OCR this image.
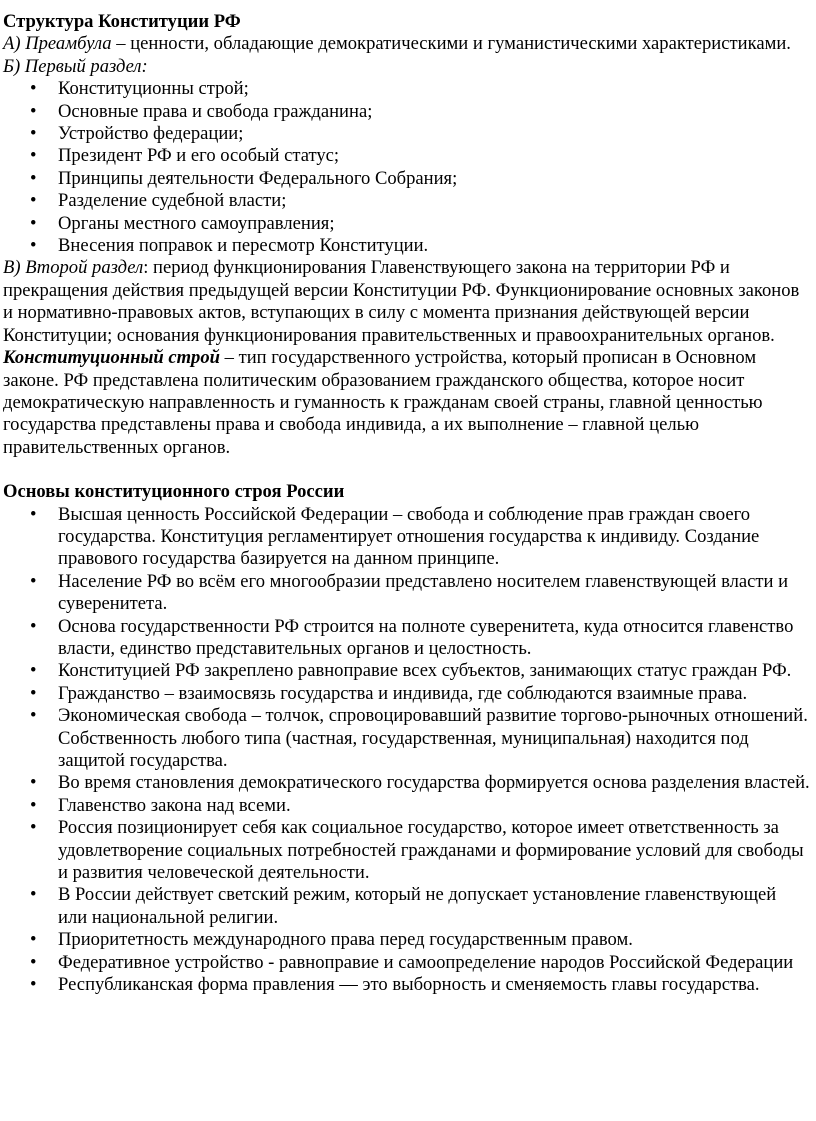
Структура Конституции РФ

А) Преамбула – ценности, обладающие демократическими и гуманистическими характеристиками.

Б) Первый раздел:

• Конституционны строй;
• Основные права и свобода гражданина;
• Устройство федерации;
• Президент РФ и его особый статус;
• Принципы деятельности Федерального Собрания;
• Разделение судебной власти;
• Органы местного самоуправления;
• Внесения поправок и пересмотр Конституции.

В) Второй раздел: период функционирования Главенствующего закона на территории РФ и прекращения действия предыдущей версии Конституции РФ. Функционирование основных законов и нормативно-правовых актов, вступающих в силу с момента признания действующей версии Конституции; основания функционирования правительственных и правоохранительных органов.

Конституционный строй – тип государственного устройства, который прописан в Основном законе. РФ представлена политическим образованием гражданского общества, которое носит демократическую направленность и гуманность к гражданам своей страны, главной ценностью государства представлены права и свобода индивида, а их выполнение – главной целью правительственных органов.

Основы конституционного строя России

• Высшая ценность Российской Федерации – свобода и соблюдение прав граждан своего государства. Конституция регламентирует отношения государства к индивиду. Создание правового государства базируется на данном принципе.
• Население РФ во всём его многообразии представлено носителем главенствующей власти и суверенитета.
• Основа государственности РФ строится на полноте суверенитета, куда относится главенство власти, единство представительных органов и целостность.
• Конституцией РФ закреплено равноправие всех субъектов, занимающих статус граждан РФ.
• Гражданство – взаимосвязь государства и индивида, где соблюдаются взаимные права.
• Экономическая свобода – толчок, спровоцировавший развитие торгово-рыночных отношений. Собственность любого типа (частная, государственная, муниципальная) находится под защитой государства.
• Во время становления демократического государства формируется основа разделения властей.
• Главенство закона над всеми.
• Россия позиционирует себя как социальное государство, которое имеет ответственность за удовлетворение социальных потребностей гражданами и формирование условий для свободы и развития человеческой деятельности.
• В России действует светский режим, который не допускает установление главенствующей или национальной религии.
• Приоритетность международного права перед государственным правом.
• Федеративное устройство - равноправие и самоопределение народов Российской Федерации
• Республиканская форма правления — это выборность и сменяемость главы государства.
